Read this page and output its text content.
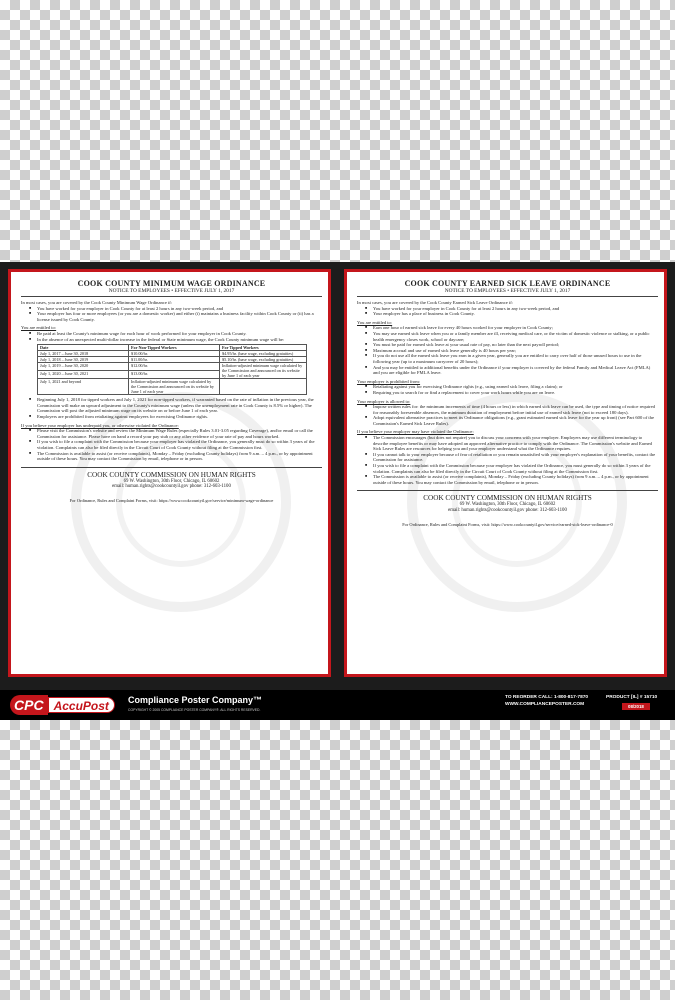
COOK COUNTY MINIMUM WAGE ORDINANCE
NOTICE TO EMPLOYEES • EFFECTIVE JULY 1, 2017

In most cases, you are covered by the Cook County Minimum Wage Ordinance if:

■ You have worked for your employer in Cook County for at least 2 hours in any two-week period, and
■ Your employer has four or more employees (or you are a domestic worker) and either (i) maintains a business facility within Cook County or (ii) has a license issued by Cook County.

You are entitled to:

■ Be paid at least the County's minimum wage for each hour of work performed for your employer in Cook County.
■ In the absence of an unexpected multi-dollar increase in the federal or State minimum wage, the Cook County minimum wage will be:
Date	For Non-Tipped Workers	For Tipped Workers
July 1, 2017 – June 30, 2018	$10.00/hr.	$4.95/hr. (base wage, excluding gratuities)
July 1, 2018 – June 30, 2019	$11.00/hr.	$5.10/hr. (base wage, excluding gratuities)
July 1, 2019 – June 30, 2020	$12.00/hr.	Inflation-adjusted minimum wage calculated by the Commission and announced on its website by June 1 of each year
July 1, 2020 – June 30, 2021	$13.00/hr.	
July 1, 2021 and beyond	Inflation-adjusted minimum wage calculated by the Commission and announced on its website by June 1 of each year	
■ Beginning July 1, 2018 for tipped workers and July 1, 2021 for non-tipped workers, if warranted based on the rate of inflation in the previous year, the Commission will make an upward adjustment to the County's minimum wage (unless the unemployment rate in Cook County is 8.5% or higher). The Commission will post the adjusted minimum wage on its website on or before June 1 of each year.
■ Employers are prohibited from retaliating against employees for exercising Ordinance rights.

If you believe your employer has underpaid you, or otherwise violated the Ordinance:

■ Please visit the Commission's website and review the Minimum Wage Rules (especially Rules 3.01-3.05 regarding Coverage), and/or email or call the Commission for assistance. Please have on hand a record your pay stub or any other evidence of your rate of pay and hours worked.
■ If you wish to file a complaint with the Commission because your employer has violated the Ordinance, you generally must do so within 3 years of the violation. Complaints can also be filed directly in the Circuit Court of Cook County without filing at the Commission first.
■ The Commission is available to assist (or receive complaints), Monday – Friday (excluding County holidays) from 9 a.m. – 4 p.m., or by appointment outside of these hours. You may contact the Commission by email, telephone or in person.
COOK COUNTY COMMISSION ON HUMAN RIGHTS
69 W. Washington, 30th Floor, Chicago, IL 60602
email: human.rights@cookcountyil.gov phone: 312-603-1100
For Ordinance, Rules and Complaint Forms, visit: https://www.cookcountyil.gov/service/minimum-wage-ordinance
COOK COUNTY EARNED SICK LEAVE ORDINANCE
NOTICE TO EMPLOYEES • EFFECTIVE JULY 1, 2017

In most cases, you are covered by the Cook County Earned Sick Leave Ordinance if:

■ You have worked for your employer in Cook County for at least 2 hours in any two-week period, and
■ Your employer has a place of business in Cook County.

You are entitled to:

■ Earn one hour of earned sick leave for every 40 hours worked for your employer in Cook County;
■ You may use earned sick leave when you or a family member are ill, receiving medical care, or the victim of domestic violence or stalking, or a public health emergency closes work, school or daycare;
■ You must be paid for earned sick leave at your usual rate of pay, no later than the next payroll period;
■ Maximum accrual and use of earned sick leave generally is 40 hours per year;
■ If you do not use all the earned sick leave you earn in a given year, generally you are entitled to carry over half of those unused hours to use in the following year (up to a maximum carryover of 20 hours);
■ And you may be entitled to additional benefits under the Ordinance if your employer is covered by the federal Family and Medical Leave Act (FMLA) and you are eligible for FMLA leave.

Your employer is prohibited from:

■ Retaliating against you for exercising Ordinance rights (e.g., using earned sick leave, filing a claim); or
■ Requiring you to search for or find a replacement to cover your work hours while you are on leave.

Your employer is allowed to:

■ Impose written rules for: the minimum increments of time (4 hours or less) in which earned sick leave can be used, the type and timing of notice required for reasonably foreseeable absences, the minimum duration of employment before initial use of earned sick leave (not to exceed 180 days).
■ Adopt equivalent alternative practices to meet its Ordinance obligations (e.g., grant estimated earned sick leave for the year up front) (see Part 600 of the Commission's Earned Sick Leave Rules).

If you believe your employer may have violated the Ordinance:

■ The Commission encourages (but does not require) you to discuss your concerns with your employer. Employers may use different terminology to describe employee benefits or may have adopted an approved alternative practice to comply with the Ordinance. The Commission's website and Earned Sick Leave Rules are resources for helping you and your employer understand what the Ordinance requires.
■ If you cannot talk to your employer because of fear of retaliation or you remain unsatisfied with your employer's explanation of your benefits, contact the Commission for assistance.
■ If you wish to file a complaint with the Commission because your employer has violated the Ordinance, you must generally do so within 3 years of the violation. Complaints can also be filed directly in the Circuit Court of Cook County without filing at the Commission first.
■ The Commission is available to assist (or receive complaints), Monday – Friday (excluding County holidays) from 9 a.m. – 4 p.m., or by appointment outside of these hours. You may contact the Commission by email, telephone or in person.
COOK COUNTY COMMISSION ON HUMAN RIGHTS
69 W. Washington, 30th Floor, Chicago, IL 60602
email: human.rights@cookcountyil.gov phone: 312-603-1100
For Ordinance, Rules and Complaint Forms, visit: https://www.cookcountyil.gov/service/earned-sick-leave-ordinance-0
CPC AccuPost	Compliance Poster Company™
COPYRIGHT © 2005 COMPLIANCE POSTER COMPANY®. ALL RIGHTS RESERVED.
TO REORDER CALL: 1-800-817-7870
WWW.COMPLIANCEPOSTER.COM
PRODUCT [IL] # 15710
08/2018
